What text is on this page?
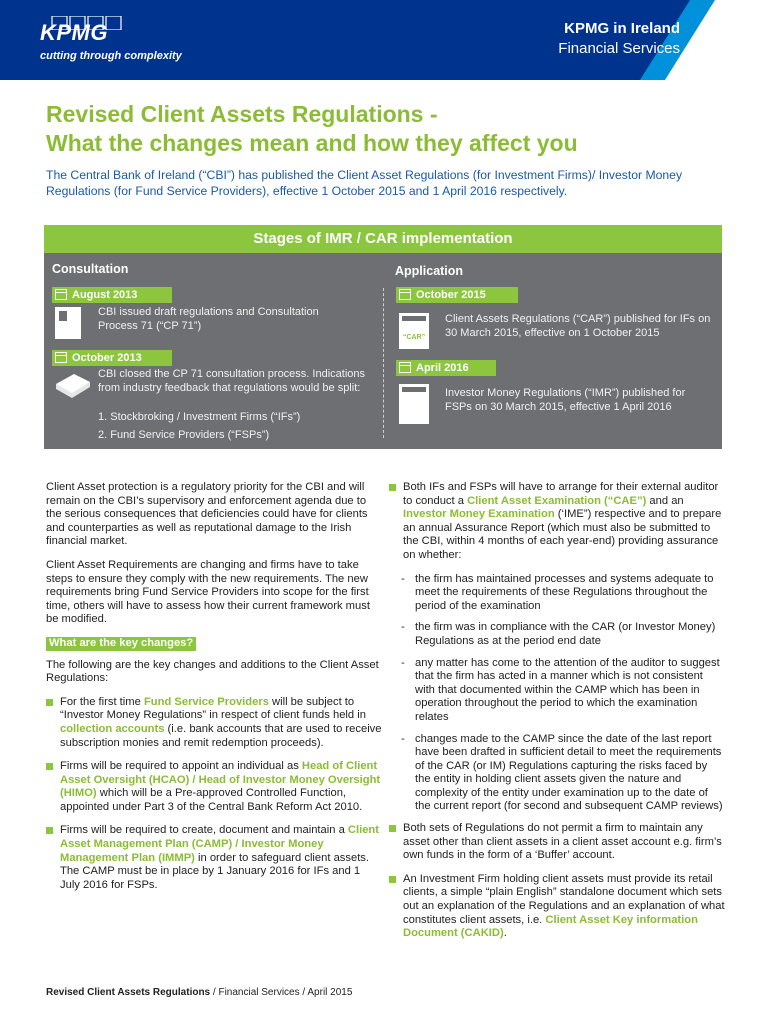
KPMG
cutting through complexity
KPMG in Ireland
Financial Services
Revised Client Assets Regulations -
What the changes mean and how they affect you
The Central Bank of Ireland (“CBI”) has published the Client Asset Regulations (for Investment Firms)/ Investor Money Regulations (for Fund Service Providers), effective 1 October 2015 and 1 April 2016 respectively.
Stages of IMR / CAR implementation
Consultation	Application
August 2013
CBI issued draft regulations and Consultation Process 71 (“CP 71”)
October 2013
CBI closed the CP 71 consultation process. Indications from industry feedback that regulations would be split:
1. Stockbroking / Investment Firms (“IFs”)
2. Fund Service Providers (“FSPs”)
October 2015
“CAR”
Client Assets Regulations (“CAR”) published for IFs on 30 March 2015, effective on 1 October 2015
April 2016
Investor Money Regulations (“IMR”) published for FSPs on 30 March 2015, effective 1 April 2016

Client Asset protection is a regulatory priority for the CBI and will remain on the CBI’s supervisory and enforcement agenda due to the serious consequences that deficiencies could have for clients and counterparties as well as reputational damage to the Irish financial market.

Client Asset Requirements are changing and firms have to take steps to ensure they comply with the new requirements. The new requirements bring Fund Service Providers into scope for the first time, others will have to assess how their current framework must be modified.

What are the key changes?

The following are the key changes and additions to the Client Asset Regulations:

For the first time Fund Service Providers will be subject to “Investor Money Regulations” in respect of client funds held in collection accounts (i.e. bank accounts that are used to receive subscription monies and remit redemption proceeds).
Firms will be required to appoint an individual as Head of Client Asset Oversight (HCAO) / Head of Investor Money Oversight (HIMO) which will be a Pre-approved Controlled Function, appointed under Part 3 of the Central Bank Reform Act 2010.
Firms will be required to create, document and maintain a Client Asset Management Plan (CAMP) / Investor Money Management Plan (IMMP) in order to safeguard client assets. The CAMP must be in place by 1 January 2016 for IFs and 1 July 2016 for FSPs.
Both IFs and FSPs will have to arrange for their external auditor to conduct a Client Asset Examination (“CAE”) and an Investor Money Examination (‘IME”) respective and to prepare an annual Assurance Report (which must also be submitted to the CBI, within 4 months of each year-end) providing assurance on whether:
- the firm has maintained processes and systems adequate to meet the requirements of these Regulations throughout the period of the examination
- the firm was in compliance with the CAR (or Investor Money) Regulations as at the period end date
- any matter has come to the attention of the auditor to suggest that the firm has acted in a manner which is not consistent with that documented within the CAMP which has been in operation throughout the period to which the examination relates
- changes made to the CAMP since the date of the last report have been drafted in sufficient detail to meet the requirements of the CAR (or IM) Regulations capturing the risks faced by the entity in holding client assets given the nature and complexity of the entity under examination up to the date of the current report (for second and subsequent CAMP reviews)
Both sets of Regulations do not permit a firm to maintain any asset other than client assets in a client asset account e.g. firm’s own funds in the form of a ‘Buffer’ account.
An Investment Firm holding client assets must provide its retail clients, a simple “plain English” standalone document which sets out an explanation of the Regulations and an explanation of what constitutes client assets, i.e. Client Asset Key information Document (CAKID).
Revised Client Assets Regulations / Financial Services / April 2015
